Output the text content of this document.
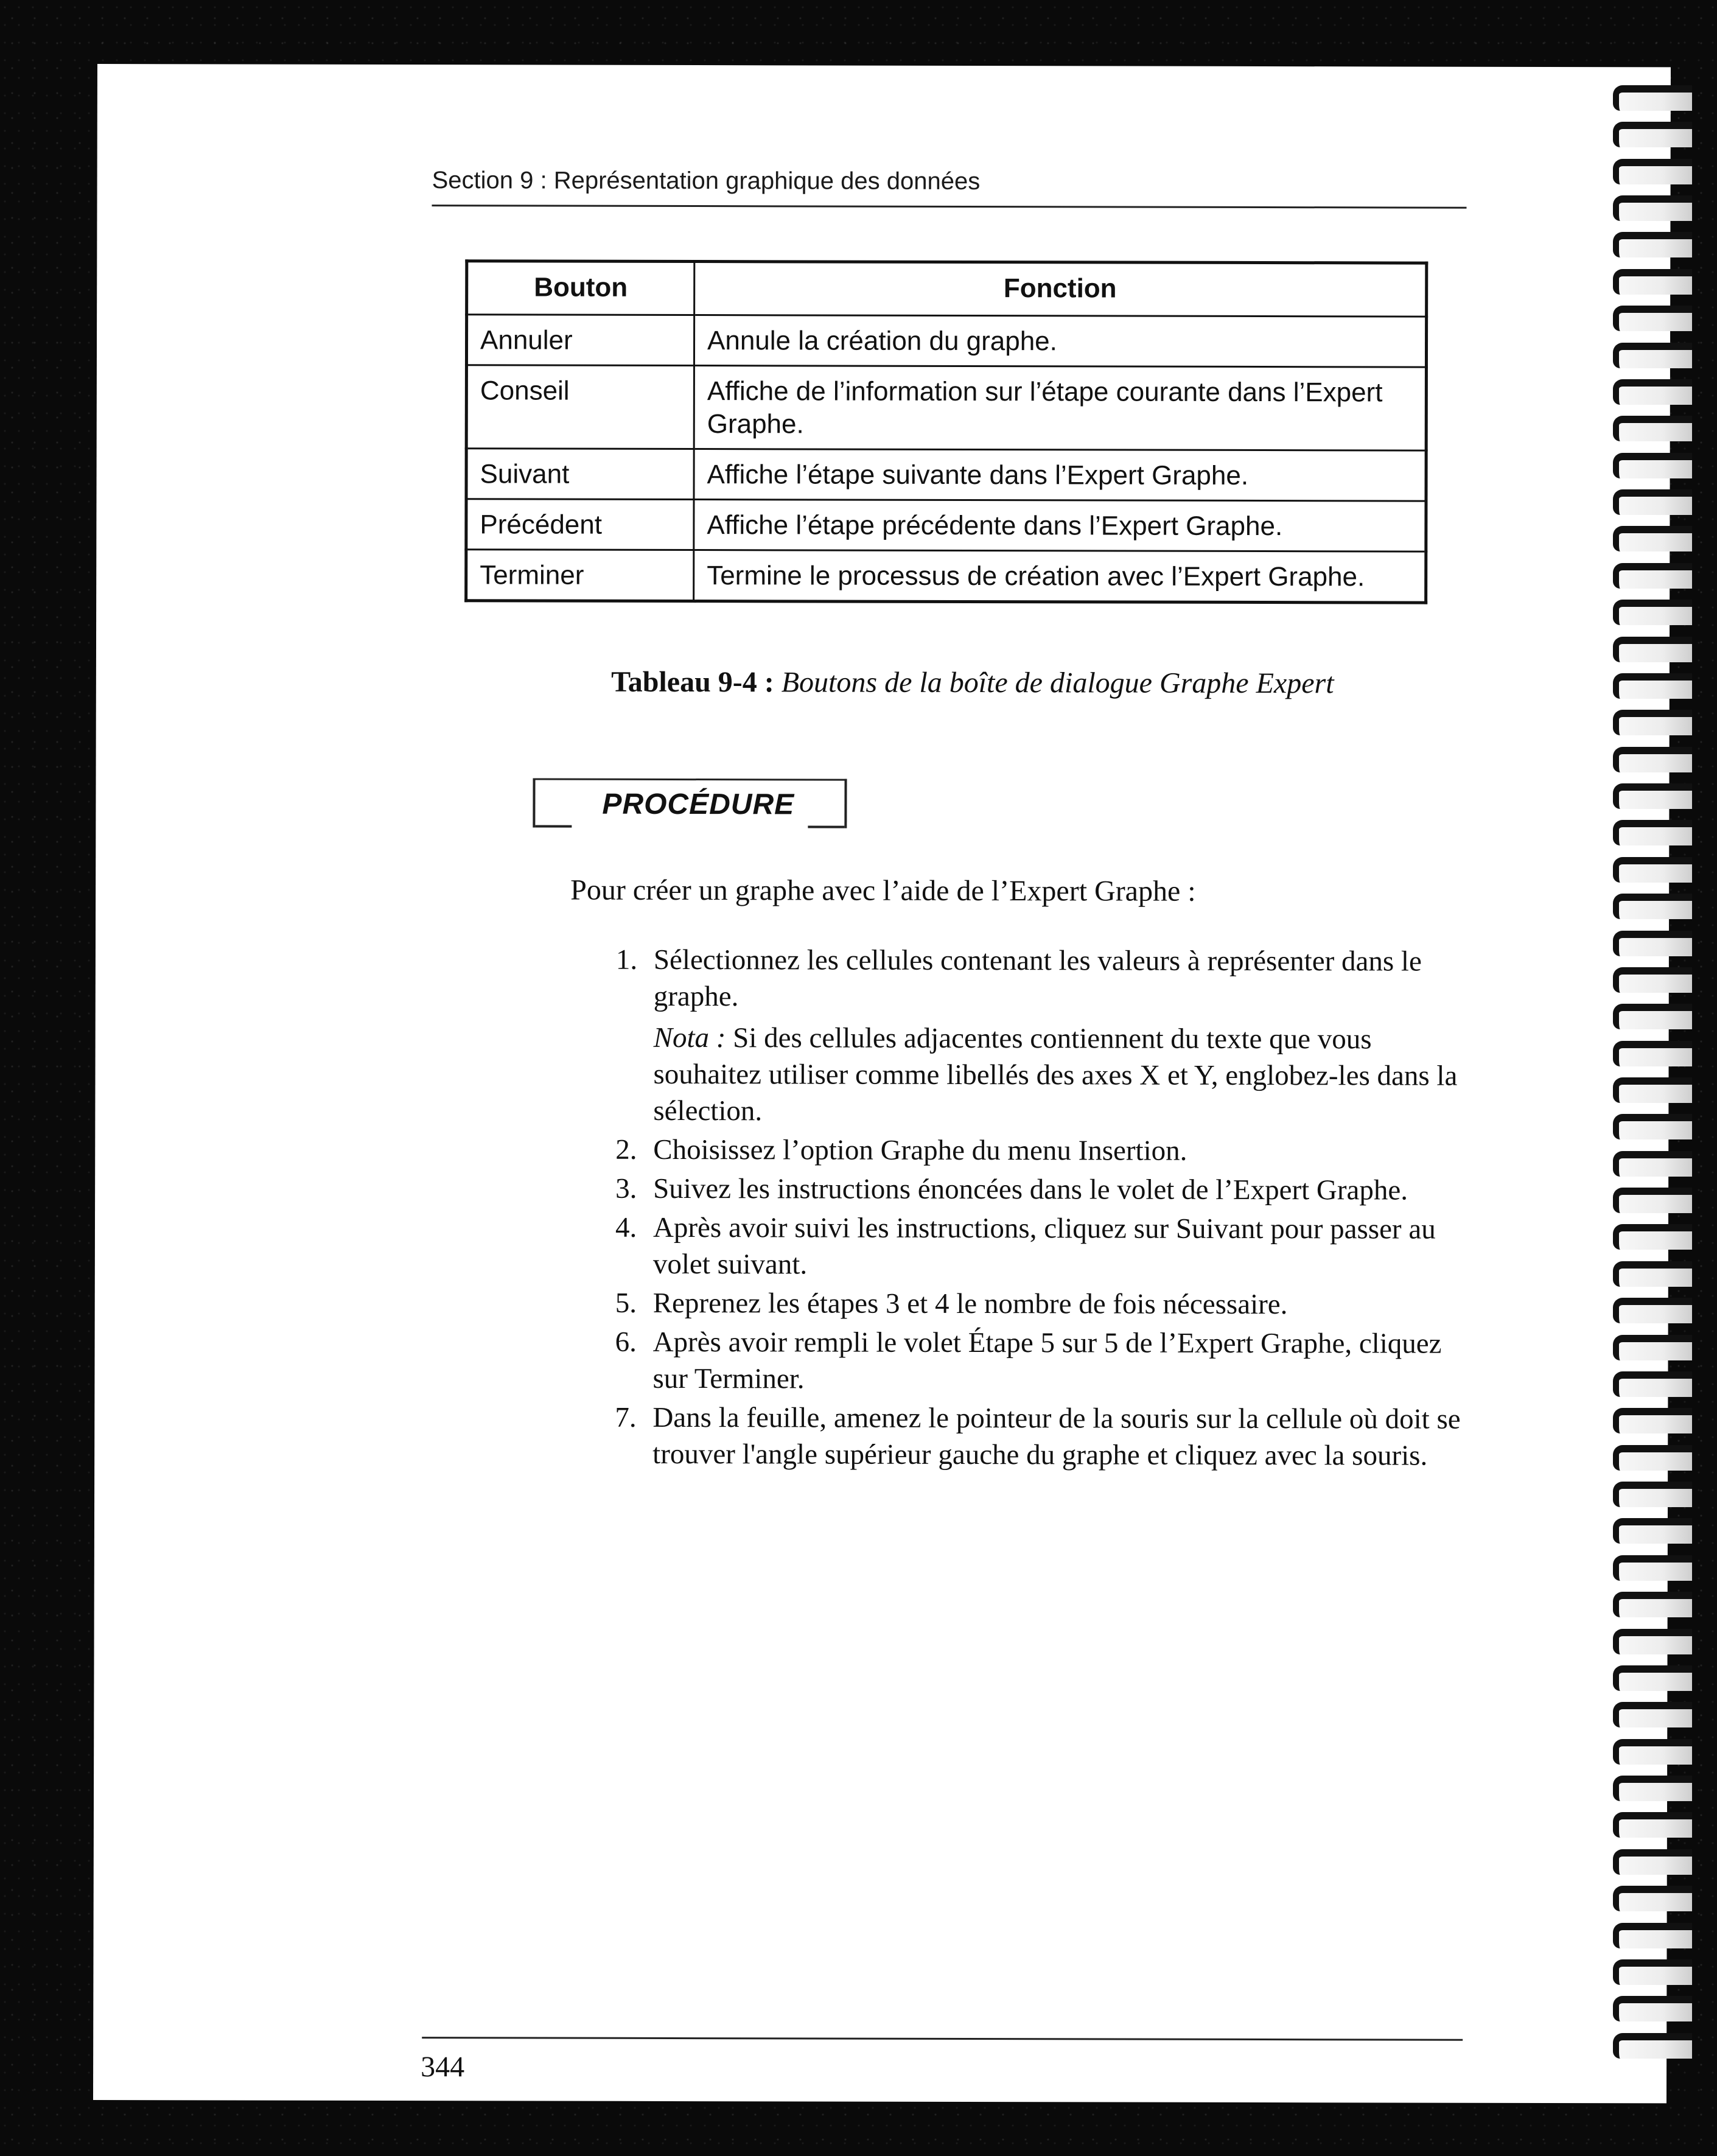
Section 9 : Représentation graphique des données
Bouton	Fonction
Annuler	Annule la création du graphe.
Conseil	Affiche de l’information sur l’étape courante dans l’Expert Graphe.
Suivant	Affiche l’étape suivante dans l’Expert Graphe.
Précédent	Affiche l’étape précédente dans l’Expert Graphe.
Terminer	Termine le processus de création avec l’Expert Graphe.
Tableau 9-4 : Boutons de la boîte de dialogue Graphe Expert
PROCÉDURE
Pour créer un graphe avec l’aide de l’Expert Graphe :
1. Sélectionnez les cellules contenant les valeurs à représenter dans le graphe.
Nota : Si des cellules adjacentes contiennent du texte que vous souhaitez utiliser comme libellés des axes X et Y, englobez-les dans la sélection.
2. Choisissez l’option Graphe du menu Insertion.
3. Suivez les instructions énoncées dans le volet de l’Expert Graphe.
4. Après avoir suivi les instructions, cliquez sur Suivant pour passer au volet suivant.
5. Reprenez les étapes 3 et 4 le nombre de fois nécessaire.
6. Après avoir rempli le volet Étape 5 sur 5 de l’Expert Graphe, cliquez sur Terminer.
7. Dans la feuille, amenez le pointeur de la souris sur la cellule où doit se trouver l'angle supérieur gauche du graphe et cliquez avec la souris.
344
